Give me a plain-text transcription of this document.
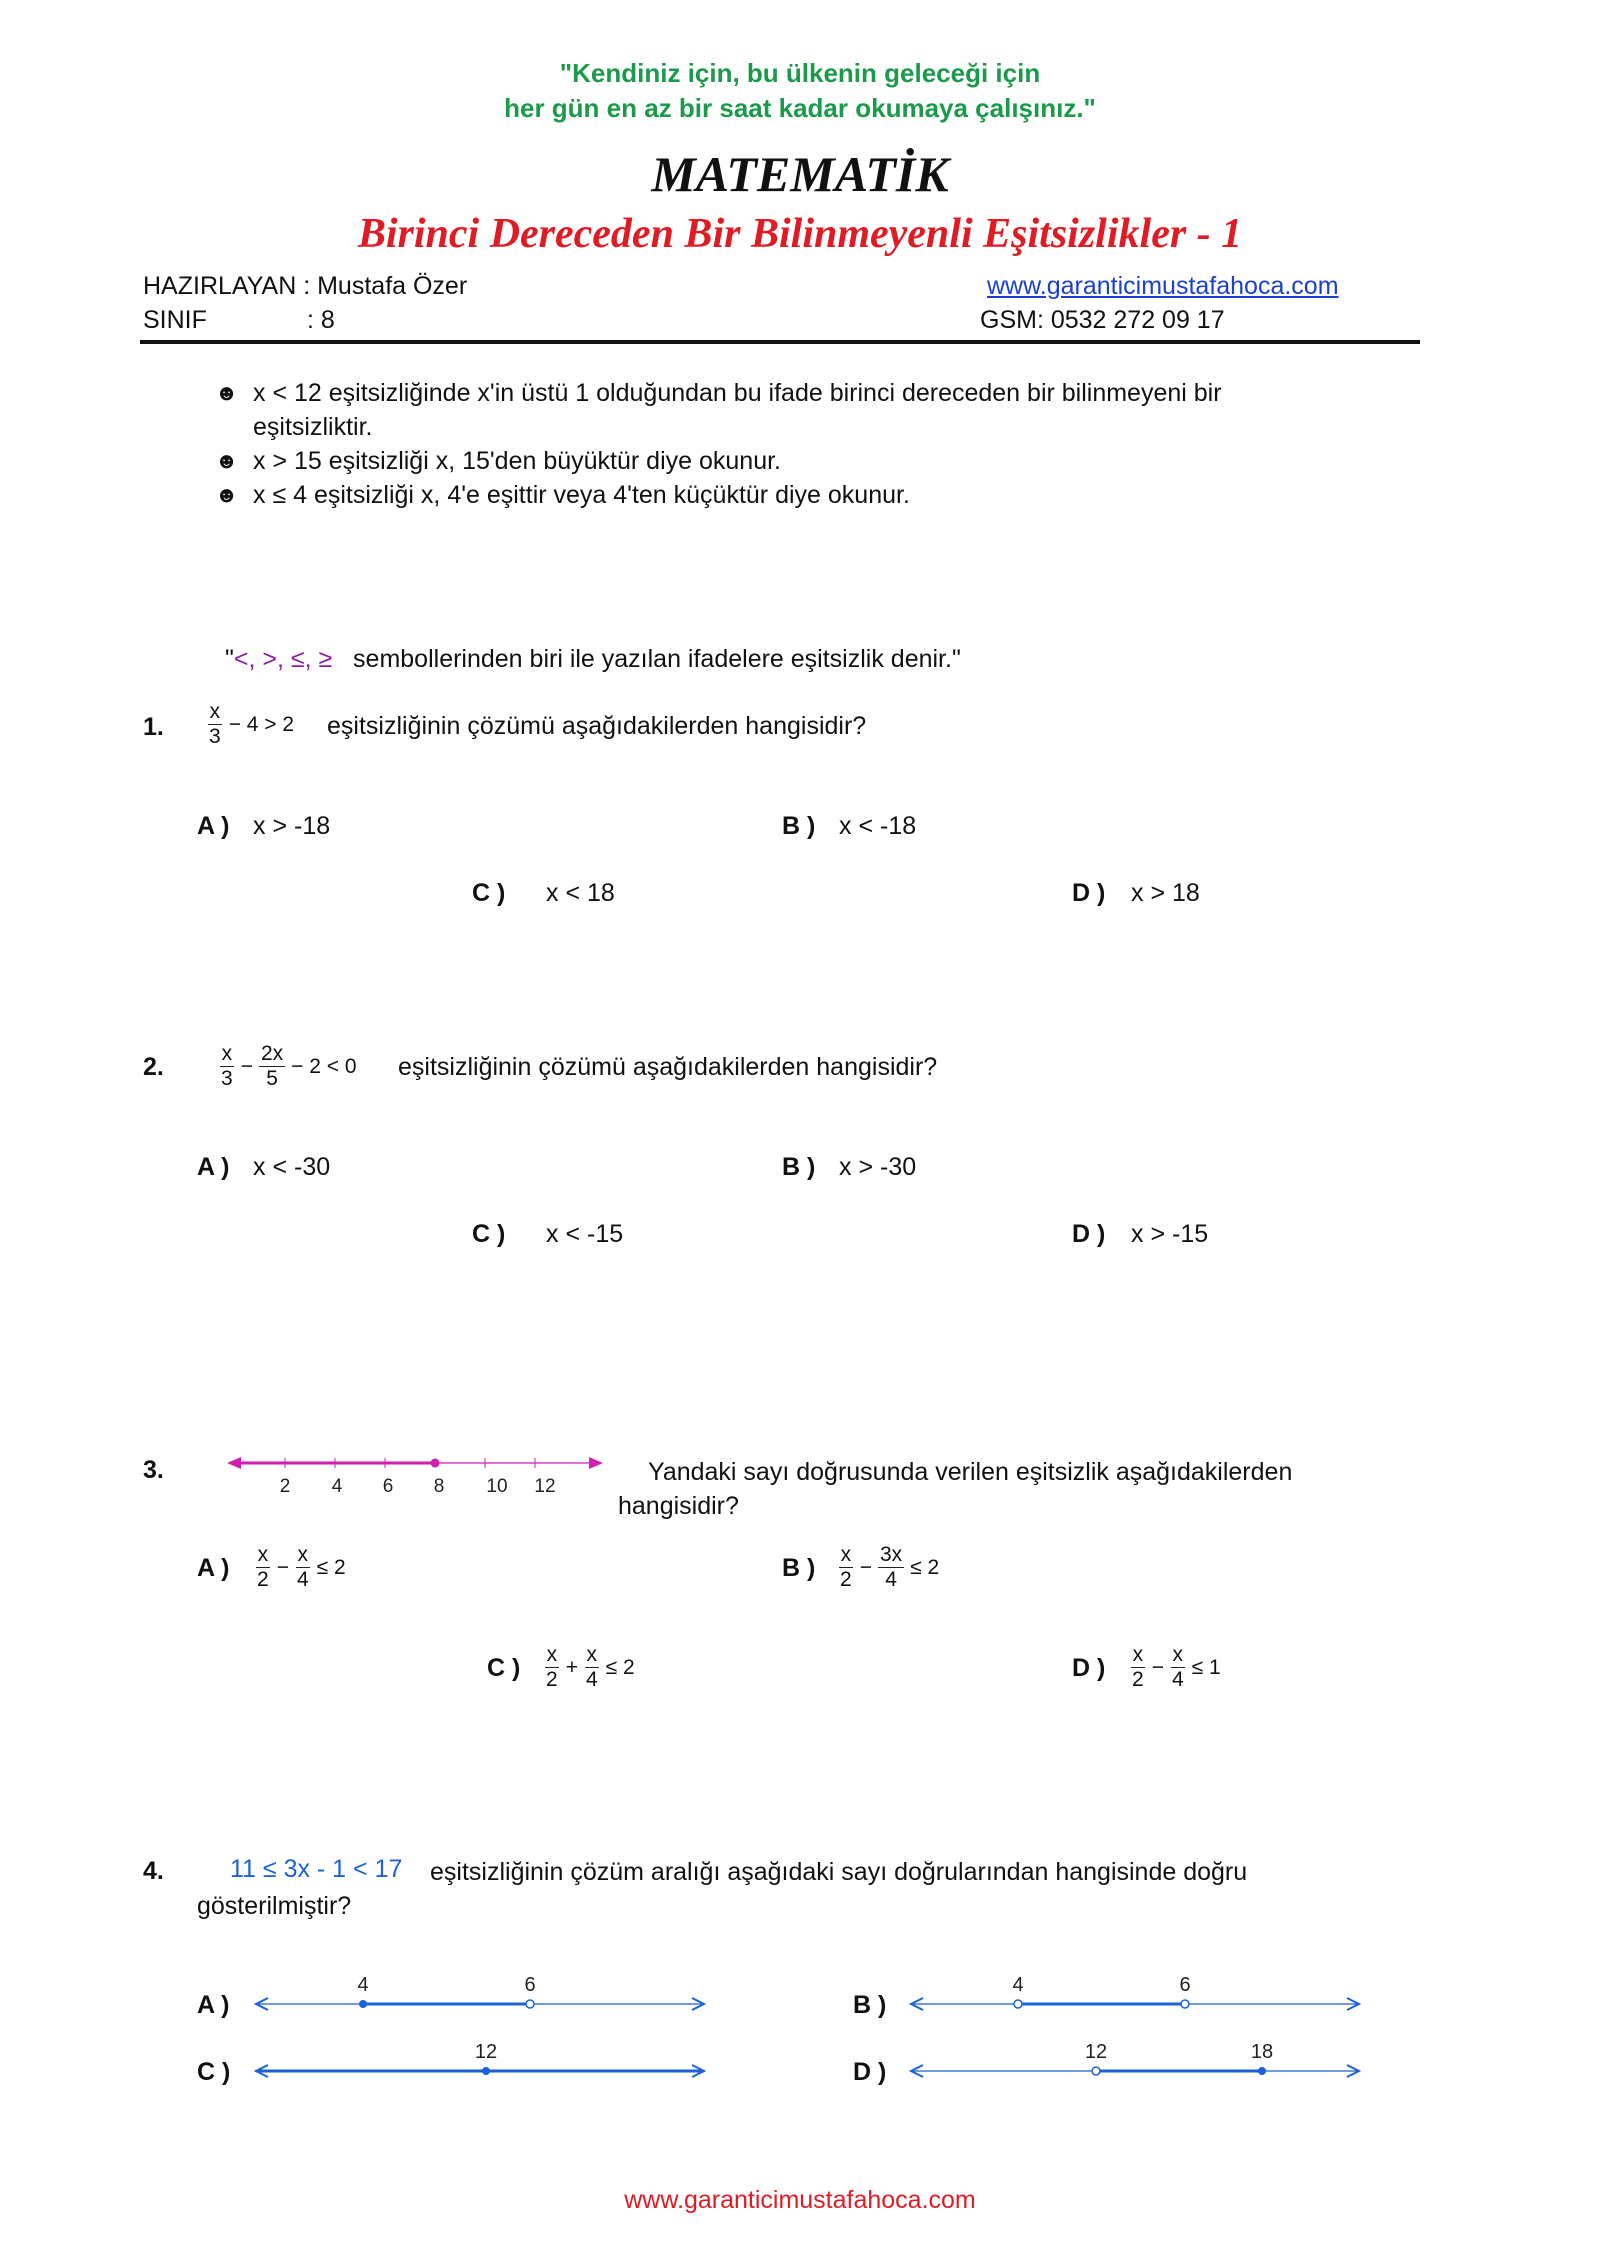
"Kendiniz için, bu ülkenin geleceği için
her gün en az bir saat kadar okumaya çalışınız."
MATEMATİK
Birinci Dereceden Bir Bilinmeyenli Eşitsizlikler - 1
HAZIRLAYAN : Mustafa Özer
SINIF	: 8
www.garanticimustafahoca.com
GSM: 0532 272 09 17
☻ x < 12 eşitsizliğinde x'in üstü 1 olduğundan bu ifade birinci dereceden bir bilinmeyeni bir eşitsizliktir.
☻ x > 15 eşitsizliği x, 15'den büyüktür diye okunur.
☻ x ≤ 4 eşitsizliği x, 4'e eşittir veya 4'ten küçüktür diye okunur.
"<, >, ≤, ≥ sembollerinden biri ile yazılan ifadelere eşitsizlik denir."
1. $\frac{x}{3} - 4 > 2$ eşitsizliğinin çözümü aşağıdakilerden hangisidir?
A ) x > -18	B ) x < -18
C ) x < 18	D ) x > 18
2.	$\frac{x}{3} - \frac{2x}{5} - 2 < 0$ eşitsizliğinin çözümü aşağıdakilerden hangisidir?
A ) x < -30	B ) x > -30
C ) x < -15	D ) x > -15
3.
2 4 6 8 10 12
Yandaki sayı doğrusunda verilen eşitsizlik aşağıdakilerden hangisidir?
A ) $\frac{x}{2} - \frac{x}{4} \le 2$	B ) $\frac{x}{2} - \frac{3x}{4} \le 2$
C ) $\frac{x}{2} + \frac{x}{4} \le 2$	D ) $\frac{x}{2} - \frac{x}{4} \le 1$
4.	11 ≤ 3x - 1 < 17	eşitsizliğinin çözüm aralığı aşağıdaki sayı doğrularından hangisinde doğru gösterilmiştir?
A )
4	6
B )
4	6
C )
12
D )
12	18
www.garanticimustafahoca.com
